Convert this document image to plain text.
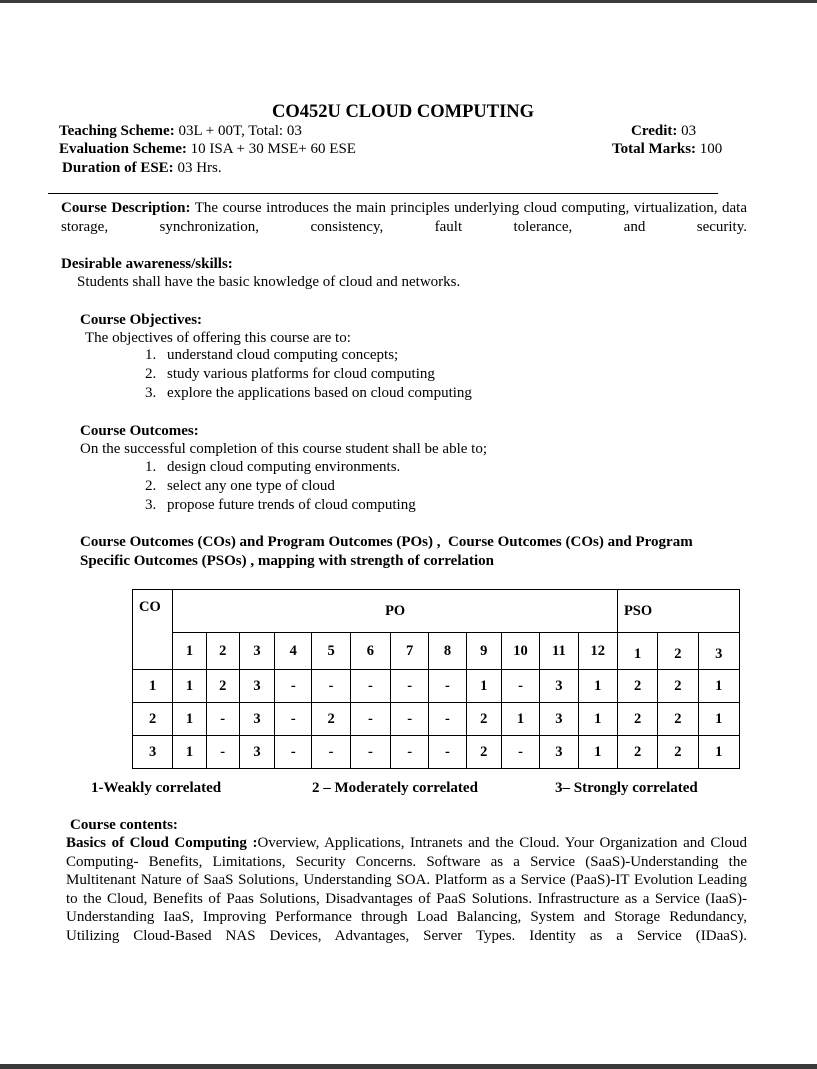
CO452U CLOUD COMPUTING
Teaching Scheme: 03L + 00T, Total: 03
Evaluation Scheme: 10 ISA + 30 MSE+ 60 ESE
Duration of ESE: 03 Hrs.
Credit: 03
Total Marks: 100
Course Description: The course introduces the main principles underlying cloud computing, virtualization, data storage, synchronization, consistency, fault tolerance, and security.
Desirable awareness/skills:
Students shall have the basic knowledge of cloud and networks.
Course Objectives:
The objectives of offering this course are to:
1. understand cloud computing concepts;
2. study various platforms for cloud computing
3. explore the applications based on cloud computing
Course Outcomes:
On the successful completion of this course student shall be able to;
1. design cloud computing environments.
2. select any one type of cloud
3. propose future trends of cloud computing
Course Outcomes (COs) and Program Outcomes (POs) ,  Course Outcomes (COs) and Program
Specific Outcomes (PSOs) , mapping with strength of correlation
CO	PO												PSO		
	1	2	3	4	5	6	7	8	9	10	11	12	1	2	3
1	1	2	3	-	-	-	-	-	1	-	3	1	2	2	1
2	1	-	3	-	2	-	-	-	2	1	3	1	2	2	1
3	1	-	3	-	-	-	-	-	2	-	3	1	2	2	1
1-Weakly correlated	2 – Moderately correlated	3– Strongly correlated
Course contents:
Basics of Cloud Computing :Overview, Applications, Intranets and the Cloud. Your Organization and Cloud Computing- Benefits, Limitations, Security Concerns. Software as a Service (SaaS)-Understanding the Multitenant Nature of SaaS Solutions, Understanding SOA. Platform as a Service (PaaS)-IT Evolution Leading to the Cloud, Benefits of Paas Solutions, Disadvantages of PaaS Solutions. Infrastructure as a Service (IaaS)-Understanding IaaS, Improving Performance through Load Balancing, System and Storage Redundancy, Utilizing Cloud-Based NAS Devices, Advantages, Server Types. Identity as a Service (IDaaS).
